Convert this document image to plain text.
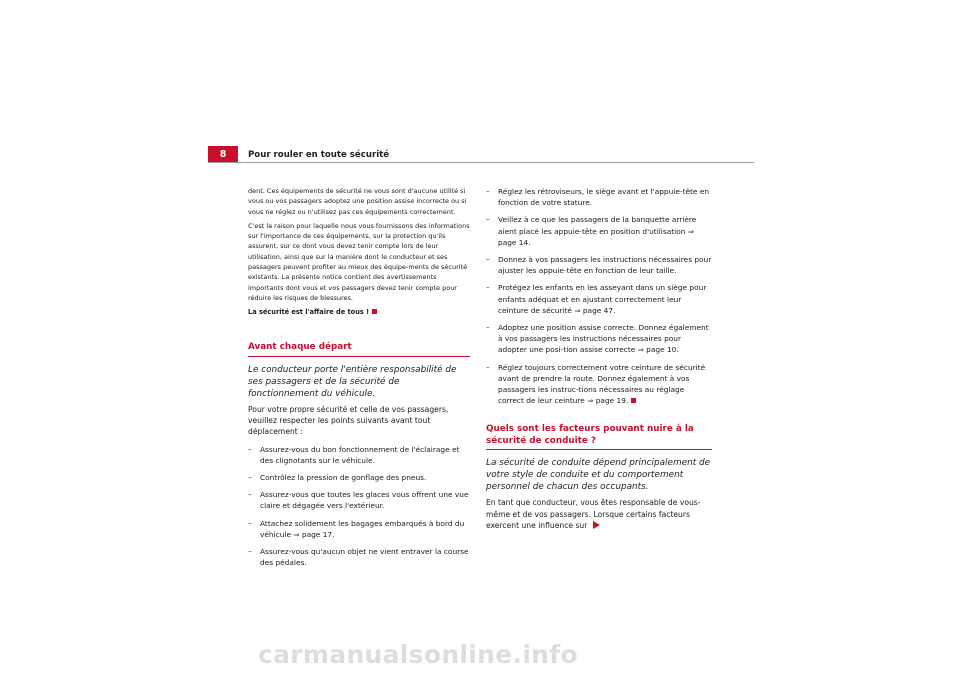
8	Pour rouler en toute sécurité

dent. Ces équipements de sécurité ne vous sont d'aucune utilité si vous ou vos passagers adoptez une position assise incorrecte ou si vous ne réglez ou n'utilisez pas ces équipements correctement.

C'est la raison pour laquelle nous vous fournissons des informations sur l'importance de ces équipements, sur la protection qu'ils assurent, sur ce dont vous devez tenir compte lors de leur utilisation, ainsi que sur la manière dont le conducteur et ses passagers peuvent profiter au mieux des équipe-ments de sécurité existants. La présente notice contient des avertissements importants dont vous et vos passagers devez tenir compte pour réduire les risques de blessures.

La sécurité est l'affaire de tous !

Avant chaque départ

Le conducteur porte l'entière responsabilité de ses passagers et de la sécurité de fonctionnement du véhicule.

Pour votre propre sécurité et celle de vos passagers, veuillez respecter les points suivants avant tout déplacement :

– Assurez-vous du bon fonctionnement de l'éclairage et des clignotants sur le véhicule.
– Contrôlez la pression de gonflage des pneus.
– Assurez-vous que toutes les glaces vous offrent une vue claire et dégagée vers l'extérieur.
– Attachez solidement les bagages embarqués à bord du véhicule ⇒ page 17.
– Assurez-vous qu'aucun objet ne vient entraver la course des pédales.
– Réglez les rétroviseurs, le siège avant et l'appuie-tête en fonction de votre stature.
– Veillez à ce que les passagers de la banquette arrière aient placé les appuie-tête en position d'utilisation ⇒ page 14.
– Donnez à vos passagers les instructions nécessaires pour ajuster les appuie-tête en fonction de leur taille.
– Protégez les enfants en les asseyant dans un siège pour enfants adéquat et en ajustant correctement leur ceinture de sécurité ⇒ page 47.
– Adoptez une position assise correcte. Donnez également à vos passagers les instructions nécessaires pour adopter une posi-tion assise correcte ⇒ page 10.
– Réglez toujours correctement votre ceinture de sécurité avant de prendre la route. Donnez également à vos passagers les instruc-tions nécessaires au réglage correct de leur ceinture ⇒ page 19.
Quels sont les facteurs pouvant nuire à la sécurité de conduite ?

La sécurité de conduite dépend principalement de votre style de conduite et du comportement personnel de chacun des occupants.

En tant que conducteur, vous êtes responsable de vous-même et de vos passagers. Lorsque certains facteurs exercent une influence sur

carmanualsonline.info
